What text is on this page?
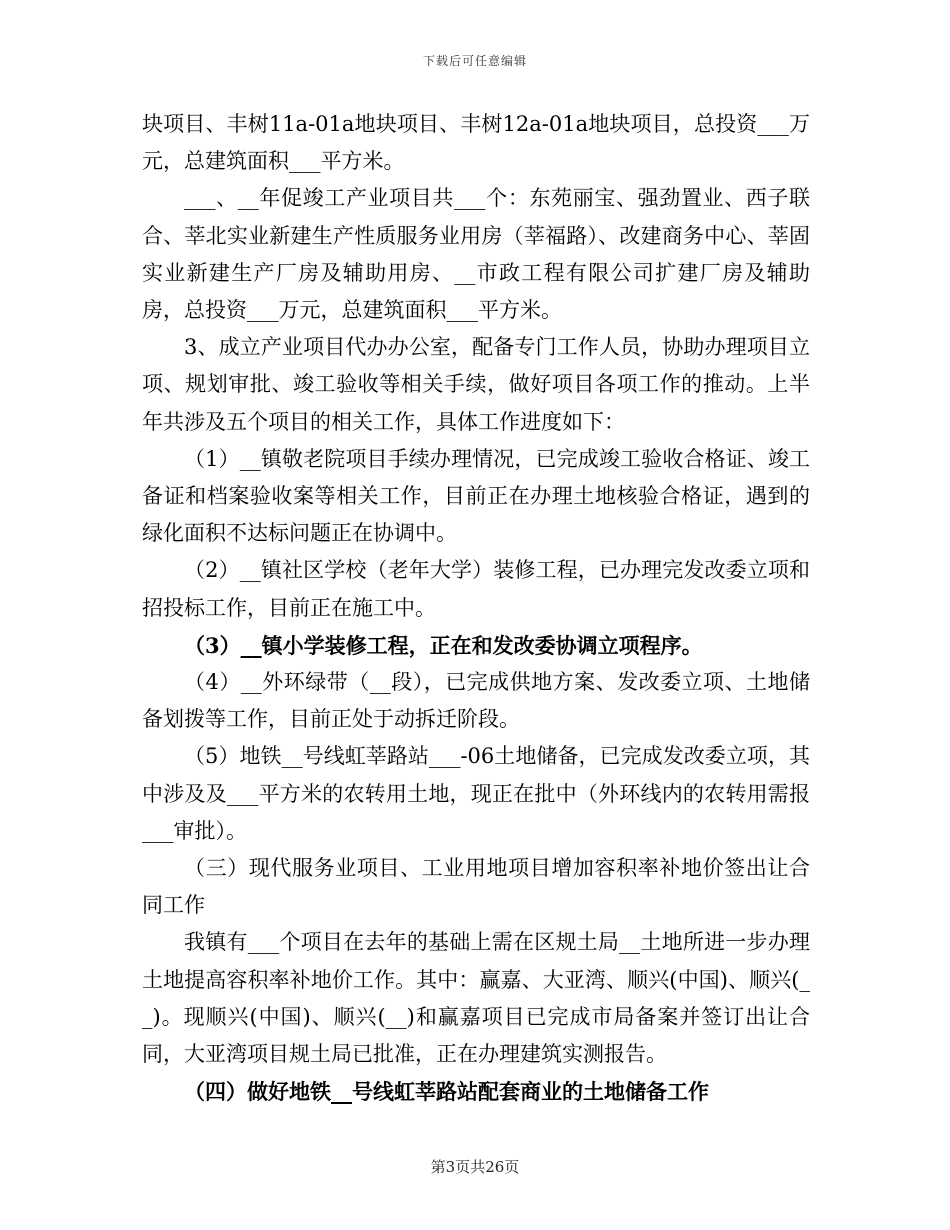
下载后可任意编辑

块项目、丰树11a-01a地块项目、丰树12a-01a地块项目，总投资___万元，总建筑面积___平方米。

___、__年促竣工产业项目共___个：东苑丽宝、强劲置业、西子联合、莘北实业新建生产性质服务业用房（莘福路）、改建商务中心、莘固实业新建生产厂房及辅助用房、__市政工程有限公司扩建厂房及辅助房，总投资___万元，总建筑面积___平方米。

3、成立产业项目代办办公室，配备专门工作人员，协助办理项目立项、规划审批、竣工验收等相关手续，做好项目各项工作的推动。上半年共涉及五个项目的相关工作，具体工作进度如下：

（1）__镇敬老院项目手续办理情况，已完成竣工验收合格证、竣工备证和档案验收案等相关工作，目前正在办理土地核验合格证，遇到的绿化面积不达标问题正在协调中。

（2）__镇社区学校（老年大学）装修工程，已办理完发改委立项和招投标工作，目前正在施工中。

（3）__镇小学装修工程，正在和发改委协调立项程序。

（4）__外环绿带（__段），已完成供地方案、发改委立项、土地储备划拨等工作，目前正处于动拆迁阶段。

（5）地铁__号线虹莘路站___-06土地储备，已完成发改委立项，其中涉及及___平方米的农转用土地，现正在批中（外环线内的农转用需报___审批）。

（三）现代服务业项目、工业用地项目增加容积率补地价签出让合同工作

我镇有___个项目在去年的基础上需在区规土局__土地所进一步办理土地提高容积率补地价工作。其中：赢嘉、大亚湾、顺兴(中国)、顺兴(__)。现顺兴(中国)、顺兴(__)和赢嘉项目已完成市局备案并签订出让合同，大亚湾项目规土局已批准，正在办理建筑实测报告。

（四）做好地铁__号线虹莘路站配套商业的土地储备工作

第3页共26页
